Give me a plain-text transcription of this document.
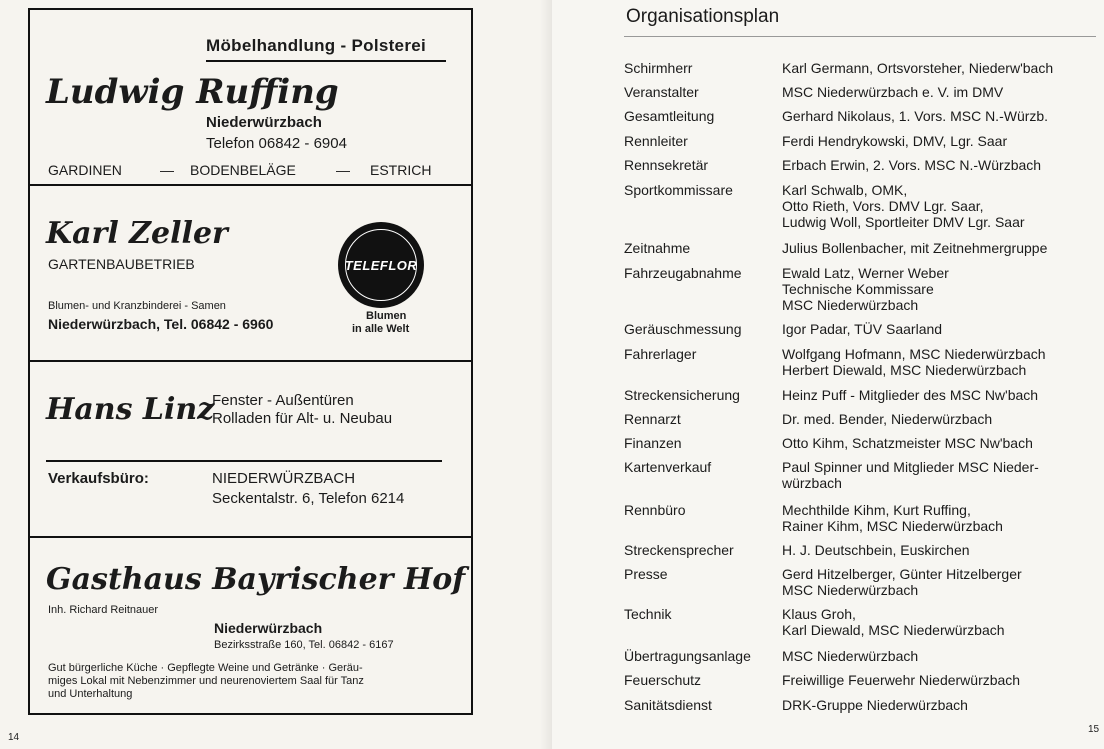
Möbelhandlung - Polsterei
Ludwig Ruffing
Niederwürzbach
Telefon 06842 - 6904
GARDINEN	— BODENBELÄGE	— ESTRICH
Karl Zeller
GARTENBAUBETRIEB
Blumen- und Kranzbinderei - Samen
Niederwürzbach, Tel. 06842 - 6960
TELEFLOR
Blumen
in alle Welt
Hans Linz
Fenster - Außentüren
Rolladen für Alt- u. Neubau
Verkaufsbüro:	NIEDERWÜRZBACH
Seckentalstr. 6, Telefon 6214
Gasthaus Bayrischer Hof
Inh. Richard Reitnauer
Niederwürzbach
Bezirksstraße 160, Tel. 06842 - 6167
Gut bürgerliche Küche · Gepflegte Weine und Getränke · Geräu-
miges Lokal mit Nebenzimmer und neurenoviertem Saal für Tanz
und Unterhaltung
14
15
Organisationsplan
Schirmherr	Karl Germann, Ortsvorsteher, Niederw'bach
Veranstalter	MSC Niederwürzbach e. V. im DMV
Gesamtleitung	Gerhard Nikolaus, 1. Vors. MSC N.-Würzb.
Rennleiter	Ferdi Hendrykowski, DMV, Lgr. Saar
Rennsekretär	Erbach Erwin, 2. Vors. MSC N.-Würzbach
Sportkommissare	Karl Schwalb, OMK,
Otto Rieth, Vors. DMV Lgr. Saar,
Ludwig Woll, Sportleiter DMV Lgr. Saar
Zeitnahme	Julius Bollenbacher, mit Zeitnehmergruppe
Fahrzeugabnahme	Ewald Latz, Werner Weber
Technische Kommissare
MSC Niederwürzbach
Geräuschmessung	Igor Padar, TÜV Saarland
Fahrerlager	Wolfgang Hofmann, MSC Niederwürzbach
Herbert Diewald, MSC Niederwürzbach
Streckensicherung	Heinz Puff - Mitglieder des MSC Nw'bach
Rennarzt	Dr. med. Bender, Niederwürzbach
Finanzen	Otto Kihm, Schatzmeister MSC Nw'bach
Kartenverkauf	Paul Spinner und Mitglieder MSC Nieder-
würzbach
Rennbüro	Mechthilde Kihm, Kurt Ruffing,
Rainer Kihm, MSC Niederwürzbach
Streckensprecher	H. J. Deutschbein, Euskirchen
Presse	Gerd Hitzelberger, Günter Hitzelberger
MSC Niederwürzbach
Technik	Klaus Groh,
Karl Diewald, MSC Niederwürzbach
Übertragungsanlage MSC Niederwürzbach
Feuerschutz	Freiwillige Feuerwehr Niederwürzbach
Sanitätsdienst	DRK-Gruppe Niederwürzbach
